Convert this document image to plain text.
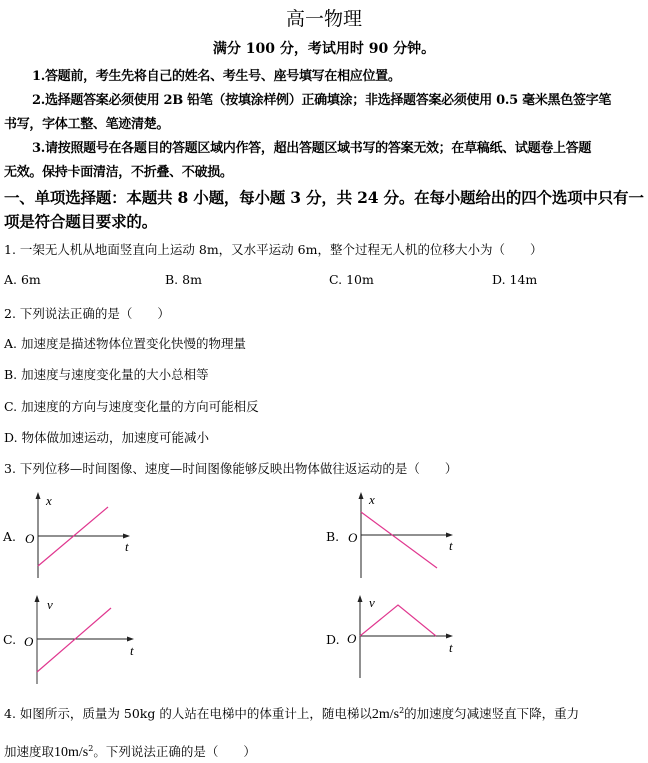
高一物理
满分 100 分，考试用时 90 分钟。
1.答题前，考生先将自己的姓名、考生号、座号填写在相应位置。
2.选择题答案必须使用 2B 铅笔（按填涂样例）正确填涂；非选择题答案必须使用 0.5 毫米黑色签字笔
书写，字体工整、笔迹清楚。
3.请按照题号在各题目的答题区域内作答，超出答题区域书写的答案无效；在草稿纸、试题卷上答题
无效。保持卡面清洁，不折叠、不破损。
一、单项选择题：本题共 8 小题，每小题 3 分，共 24 分。在每小题给出的四个选项中只有一
项是符合题目要求的。
1. 一架无人机从地面竖直向上运动 8m，又水平运动 6m，整个过程无人机的位移大小为（　　）
A. 6m	B. 8m	C. 10m	D. 14m
2. 下列说法正确的是（　　）
A. 加速度是描述物体位置变化快慢的物理量
B. 加速度与速度变化量的大小总相等
C. 加速度的方向与速度变化量的方向可能相反
D. 物体做加速运动，加速度可能减小
3. 下列位移—时间图像、速度—时间图像能够反映出物体做往返运动的是（　　）
A.
x
O
t
B.
x
O
t
C.
v
O
t
D.
v
O
t
4. 如图所示，质量为 50kg 的人站在电梯中的体重计上，随电梯以$2m/s^2$的加速度匀减速竖直下降，重力
加速度取$10m/s^2$。下列说法正确的是（　　）
